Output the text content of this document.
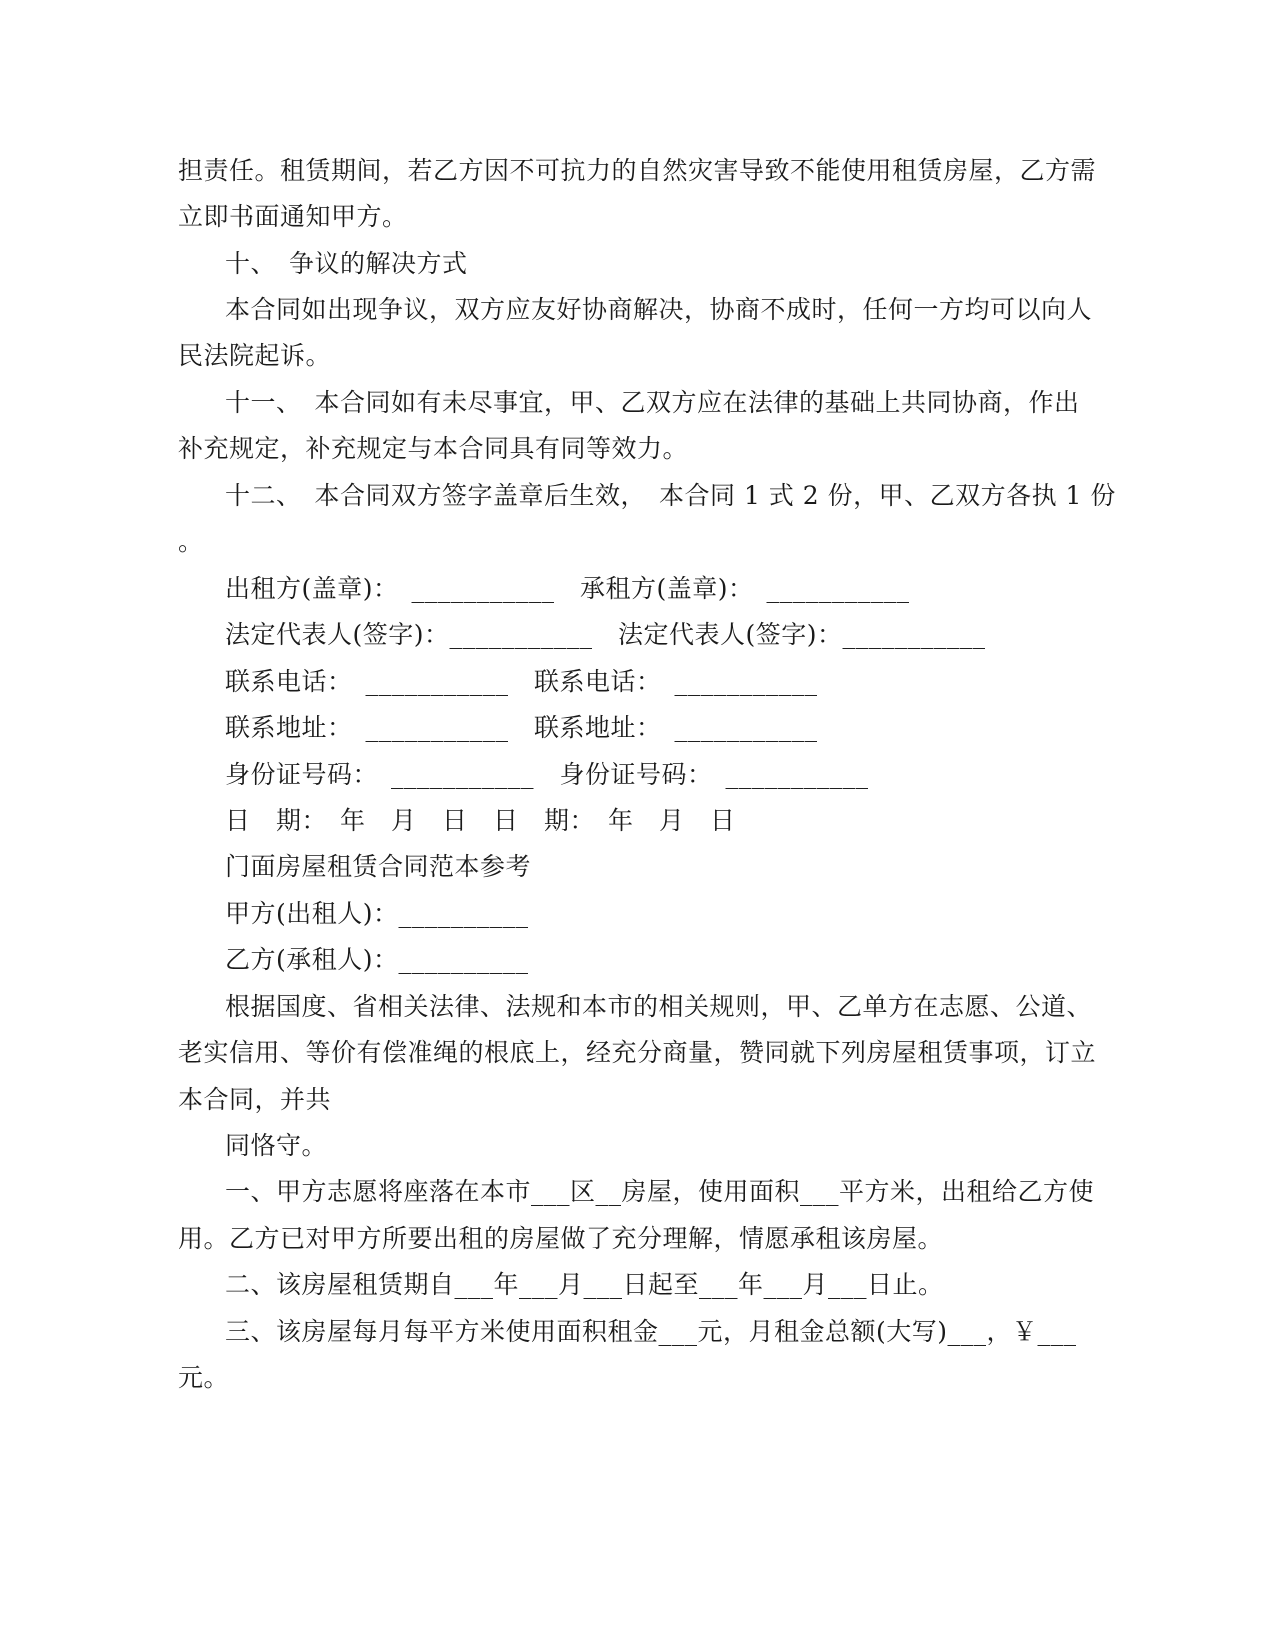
担责任。租赁期间，若乙方因不可抗力的自然灾害导致不能使用租赁房屋，乙方需
立即书面通知甲方。
十、　争议的解决方式
本合同如出现争议，双方应友好协商解决，协商不成时，任何一方均可以向人
民法院起诉。
十一、　本合同如有未尽事宜，甲、乙双方应在法律的基础上共同协商，作出
补充规定，补充规定与本合同具有同等效力。
十二、　本合同双方签字盖章后生效，　本合同 1 式 2 份，甲、乙双方各执 1 份
。
出租方(盖章)：　___________　承租方(盖章)：　___________
法定代表人(签字)：___________　法定代表人(签字)：___________
联系电话：　___________　联系电话：　___________
联系地址：　___________　联系地址：　___________
身份证号码：　___________　身份证号码：　___________
日　期：　年　月　日　日　期：　年　月　日
门面房屋租赁合同范本参考
甲方(出租人)：__________
乙方(承租人)：__________
根据国度、省相关法律、法规和本市的相关规则，甲、乙单方在志愿、公道、
老实信用、等价有偿准绳的根底上，经充分商量，赞同就下列房屋租赁事项，订立
本合同，并共
同恪守。
一、甲方志愿将座落在本市___区__房屋，使用面积___平方米，出租给乙方使
用。乙方已对甲方所要出租的房屋做了充分理解，情愿承租该房屋。
二、该房屋租赁期自___年___月___日起至___年___月___日止。
三、该房屋每月每平方米使用面积租金___元，月租金总额(大写)___，￥___
元。
